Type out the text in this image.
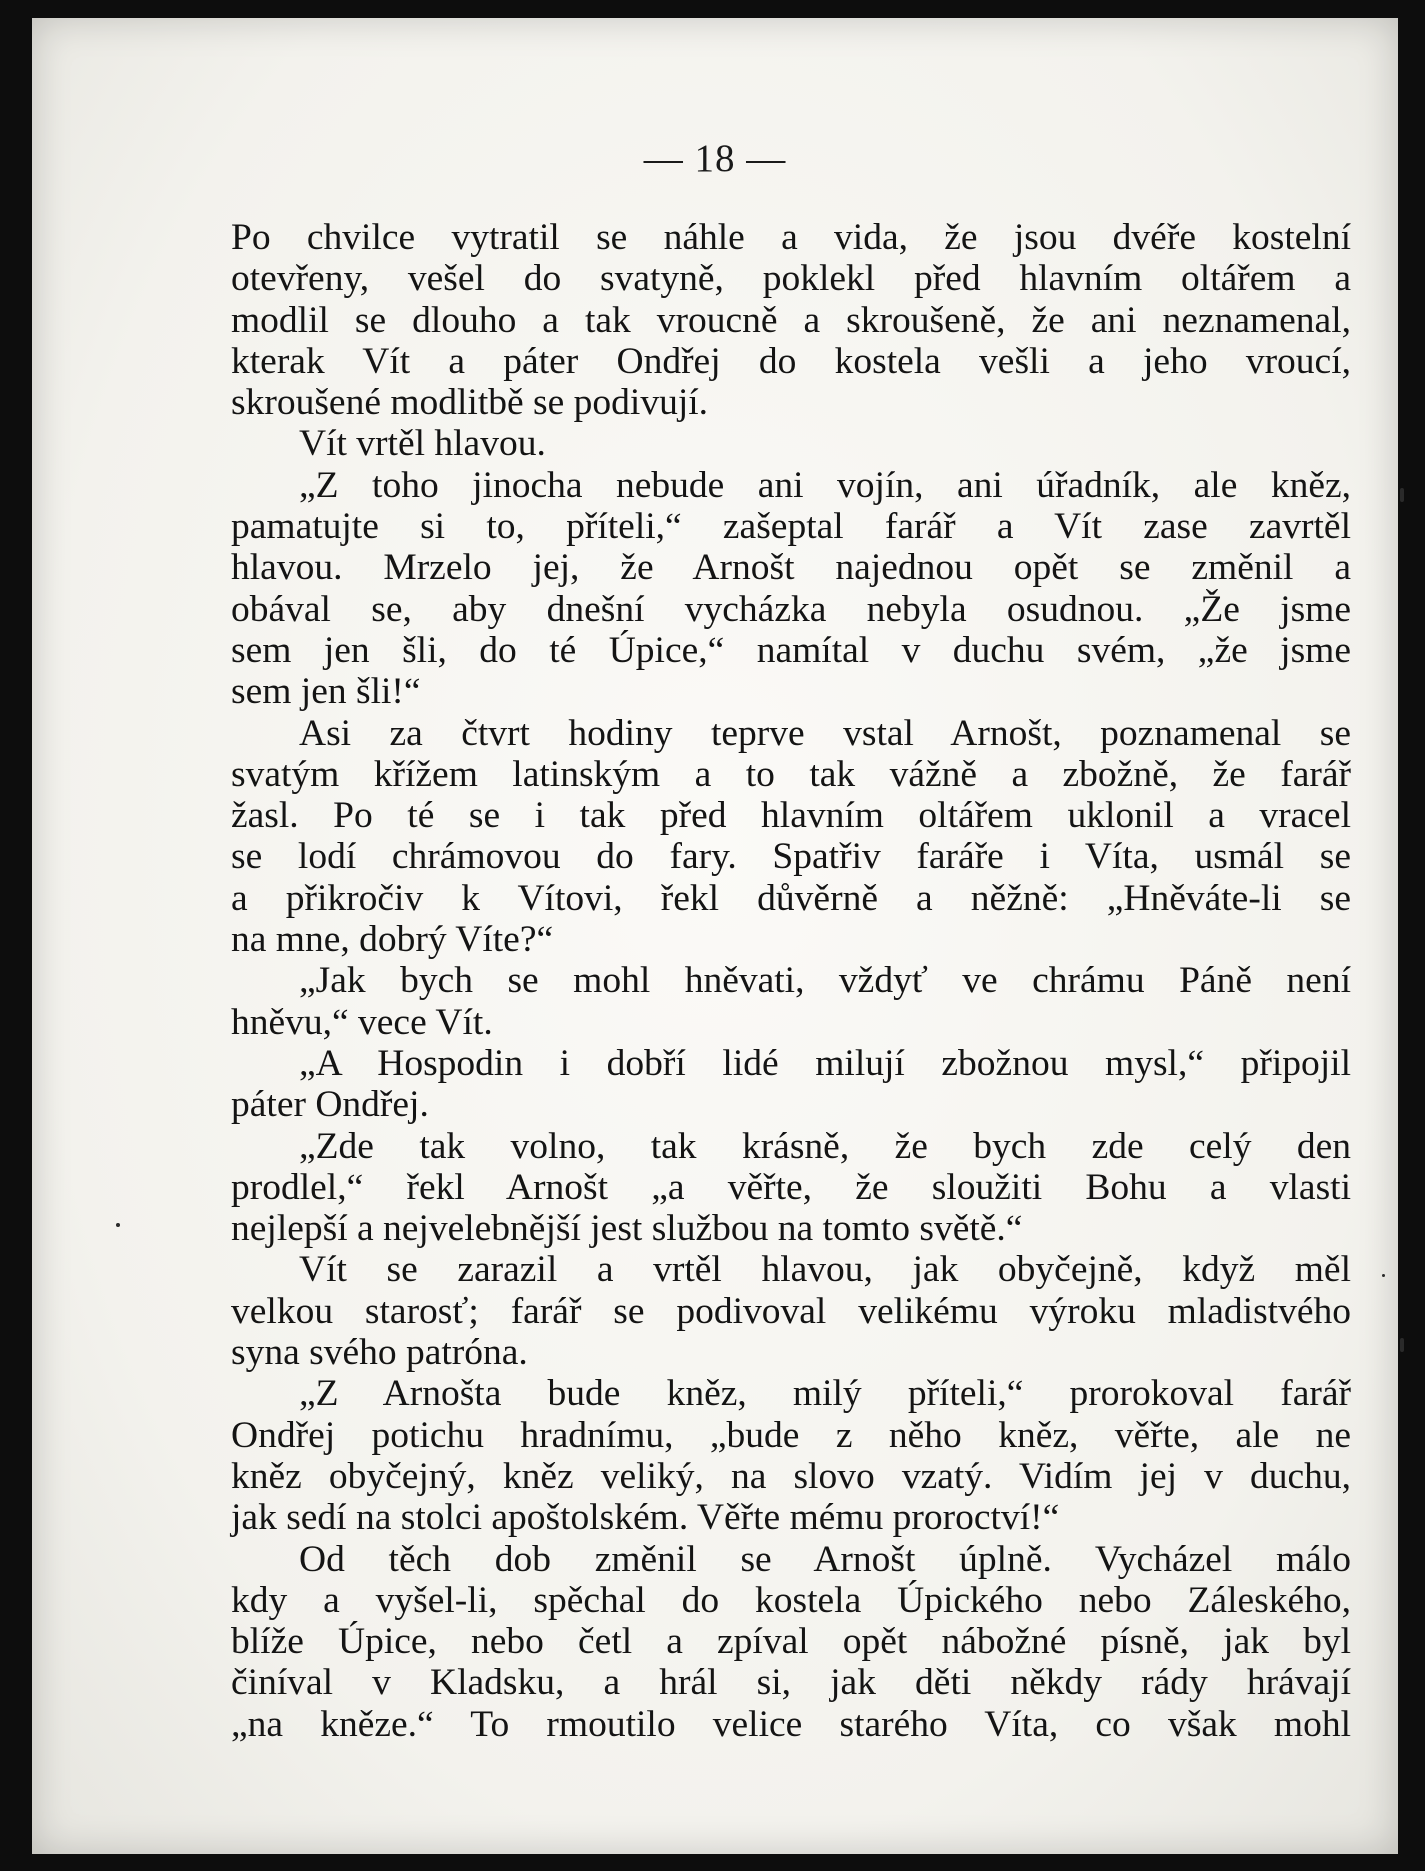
— 18 —
Po chvilce vytratil se náhle a vida, že jsou dvéře kostelní
otevřeny, vešel do svatyně, poklekl před hlavním oltářem a
modlil se dlouho a tak vroucně a skroušeně, že ani neznamenal,
kterak Vít a páter Ondřej do kostela vešli a jeho vroucí,
skroušené modlitbě se podivují.
Vít vrtěl hlavou.
„Z toho jinocha nebude ani vojín, ani úřadník, ale kněz,
pamatujte si to, příteli,“ zašeptal farář a Vít zase zavrtěl
hlavou. Mrzelo jej, že Arnošt najednou opět se změnil a
obával se, aby dnešní vycházka nebyla osudnou. „Že jsme
sem jen šli, do té Úpice,“ namítal v duchu svém, „že jsme
sem jen šli!“
Asi za čtvrt hodiny teprve vstal Arnošt, poznamenal se
svatým křížem latinským a to tak vážně a zbožně, že farář
žasl. Po té se i tak před hlavním oltářem uklonil a vracel
se lodí chrámovou do fary. Spatřiv faráře i Víta, usmál se
a přikročiv k Vítovi, řekl důvěrně a něžně: „Hněváte-li se
na mne, dobrý Víte?“
„Jak bych se mohl hněvati, vždyť ve chrámu Páně není
hněvu,“ vece Vít.
„A Hospodin i dobří lidé milují zbožnou mysl,“ připojil
páter Ondřej.
„Zde tak volno, tak krásně, že bych zde celý den
prodlel,“ řekl Arnošt „a věřte, že sloužiti Bohu a vlasti
nejlepší a nejvelebnější jest službou na tomto světě.“
Vít se zarazil a vrtěl hlavou, jak obyčejně, když měl
velkou starosť; farář se podivoval velikému výroku mladistvého
syna svého patróna.
„Z Arnošta bude kněz, milý příteli,“ prorokoval farář
Ondřej potichu hradnímu, „bude z něho kněz, věřte, ale ne
kněz obyčejný, kněz veliký, na slovo vzatý. Vidím jej v duchu,
jak sedí na stolci apoštolském. Věřte mému proroctví!“
Od těch dob změnil se Arnošt úplně. Vycházel málo
kdy a vyšel-li, spěchal do kostela Úpického nebo Záleského,
blíže Úpice, nebo četl a zpíval opět nábožné písně, jak byl
činíval v Kladsku, a hrál si, jak děti někdy rády hrávají
„na kněze.“ To rmoutilo velice starého Víta, co však mohl
